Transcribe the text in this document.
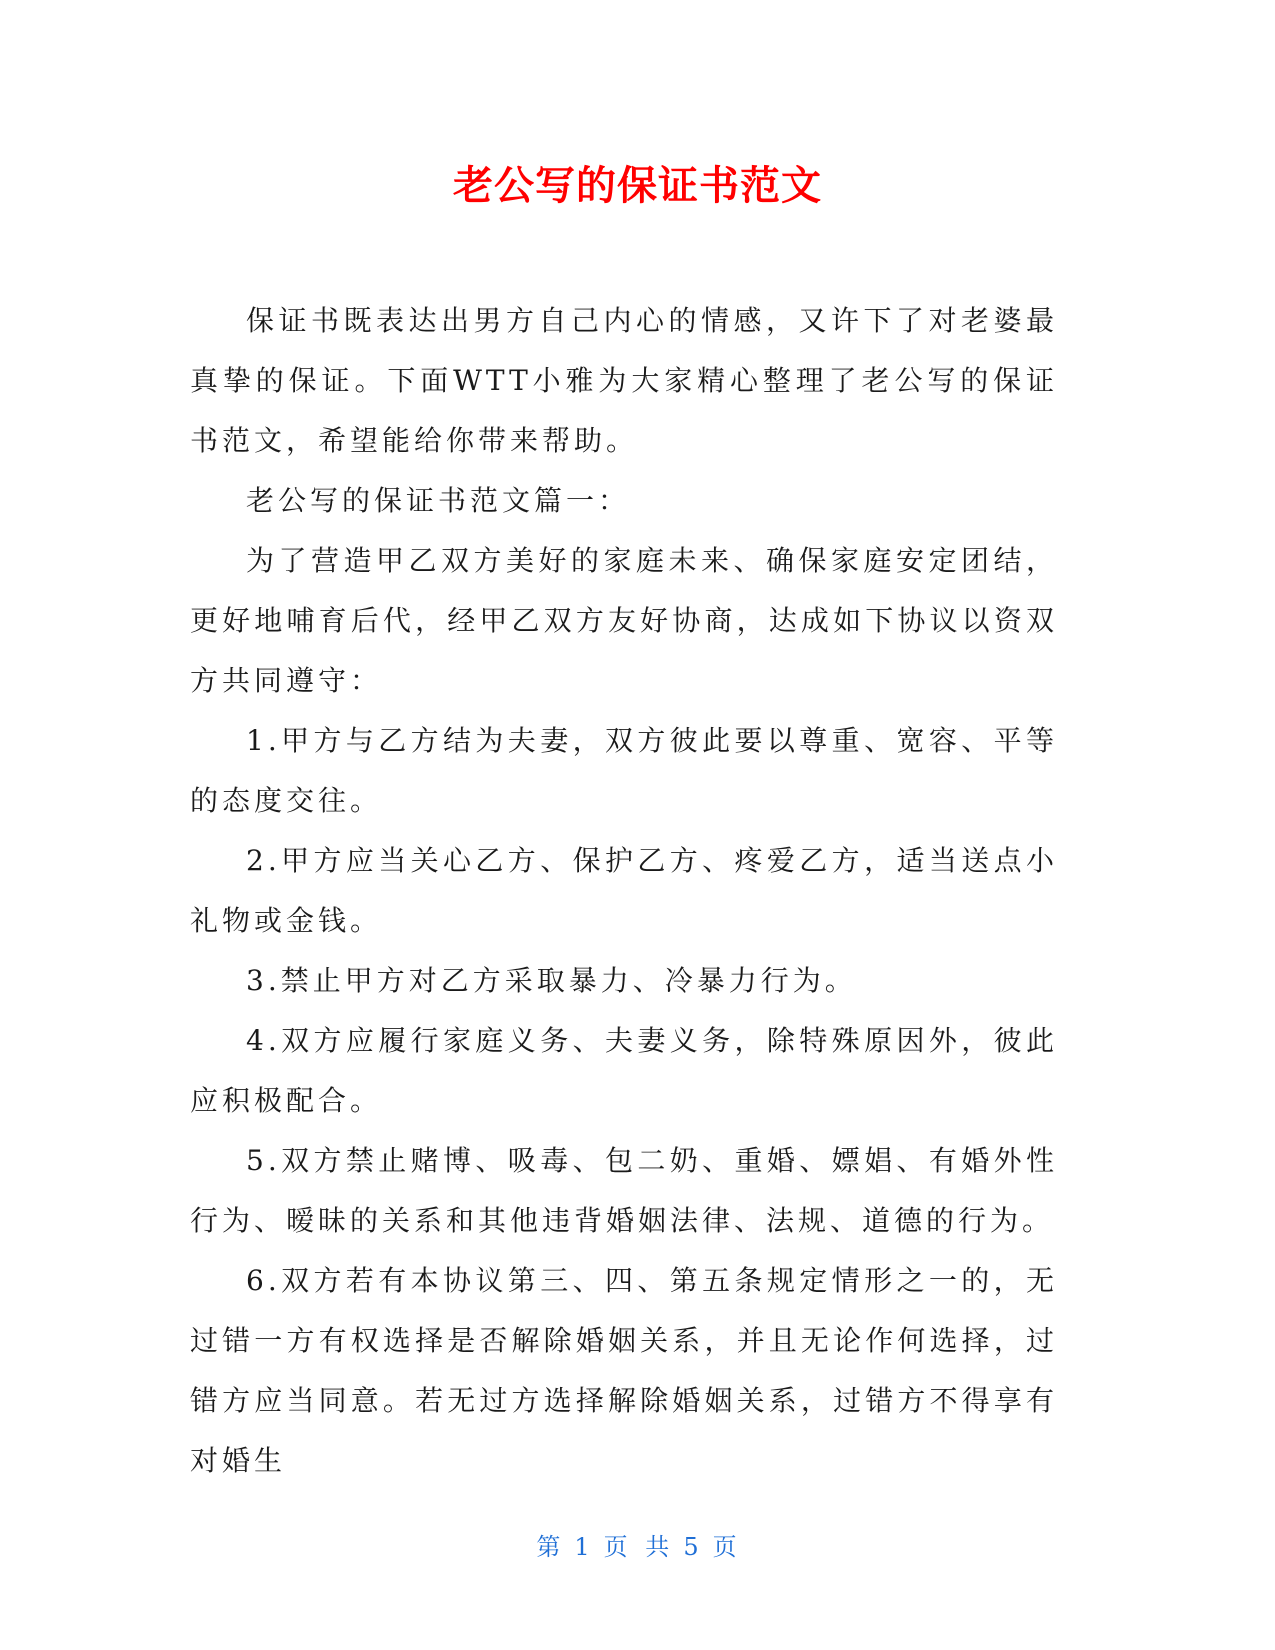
老公写的保证书范文

保证书既表达出男方自己内心的情感，又许下了对老婆最真挚的保证。下面WTT小雅为大家精心整理了老公写的保证书范文，希望能给你带来帮助。

老公写的保证书范文篇一：

为了营造甲乙双方美好的家庭未来、确保家庭安定团结，更好地哺育后代，经甲乙双方友好协商，达成如下协议以资双方共同遵守：

1.甲方与乙方结为夫妻，双方彼此要以尊重、宽容、平等的态度交往。

2.甲方应当关心乙方、保护乙方、疼爱乙方，适当送点小礼物或金钱。

3.禁止甲方对乙方采取暴力、冷暴力行为。

4.双方应履行家庭义务、夫妻义务，除特殊原因外，彼此应积极配合。

5.双方禁止赌博、吸毒、包二奶、重婚、嫖娼、有婚外性行为、暧昧的关系和其他违背婚姻法律、法规、道德的行为。

6.双方若有本协议第三、四、第五条规定情形之一的，无过错一方有权选择是否解除婚姻关系，并且无论作何选择，过错方应当同意。若无过方选择解除婚姻关系，过错方不得享有对婚生

第 1 页 共 5 页
